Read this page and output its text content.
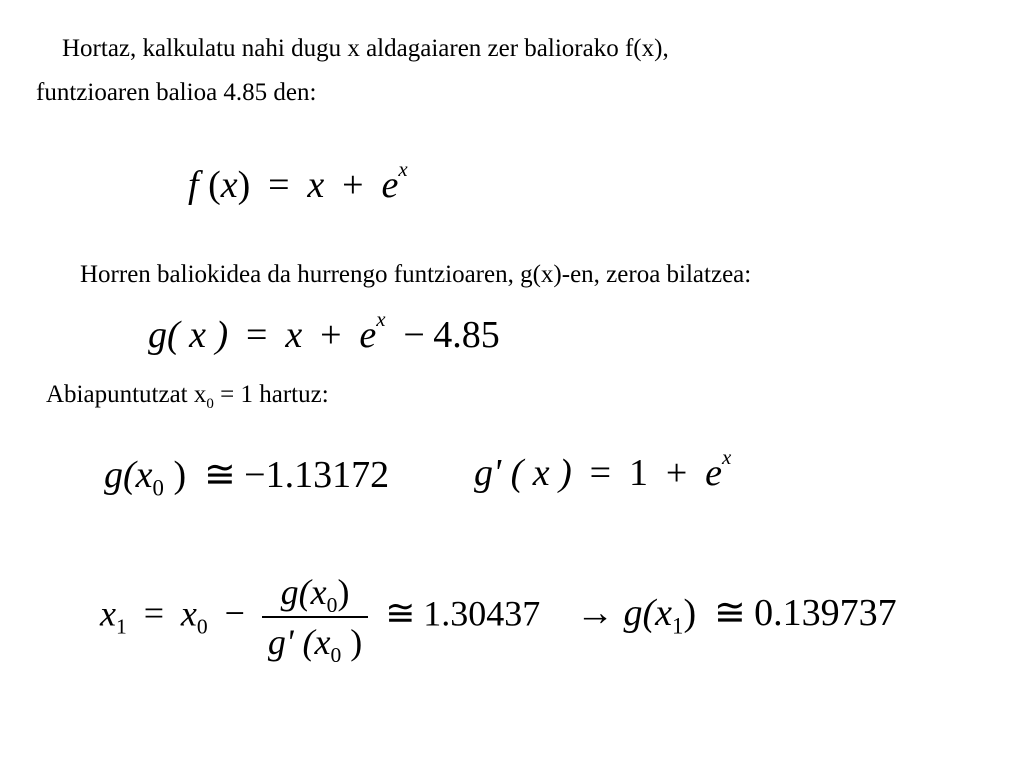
Hortaz, kalkulatu nahi dugu x aldagaiaren zer baliorako f(x),
funtzioaren balioa 4.85 den:
f $(x) = x + e^x$
Horren baliokidea da hurrengo funtzioaren, g(x)-en, zeroa bilatzea:
g( x ) = $x + e^x - 4.85$
Abiapuntutzat $x_0 = 1$ hartuz:
$g(x_0$ ) ≅ −1.13172 g' ( x ) = $1 + e^x$
$x_1 = x_0 - \frac{g(x_0)}{g' (x_0 )}$ ≅ $1.30437 \to g(x_1)$ ≅ 0.139737
